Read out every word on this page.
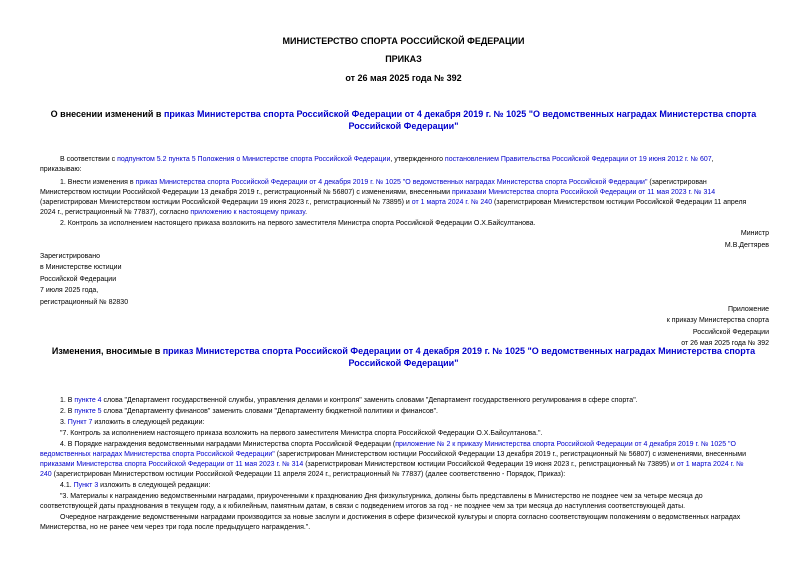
МИНИСТЕРСТВО СПОРТА РОССИЙСКОЙ ФЕДЕРАЦИИ
ПРИКАЗ
от 26 мая 2025 года № 392
О внесении изменений в приказ Министерства спорта Российской Федерации от 4 декабря 2019 г. № 1025 "О ведомственных наградах Министерства спорта
Российской Федерации"
В соответствии с подпунктом 5.2 пункта 5 Положения о Министерстве спорта Российской Федерации, утвержденного постановлением Правительства Российской Федерации от 19 июня 2012 г. № 607,
приказываю:
1. Внести изменения в приказ Министерства спорта Российской Федерации от 4 декабря 2019 г. № 1025 "О ведомственных наградах Министерства спорта Российской Федерации" (зарегистрирован
Министерством юстиции Российской Федерации 13 декабря 2019 г., регистрационный № 56807) с изменениями, внесенными приказами Министерства спорта Российской Федерации от 11 мая 2023 г. № 314
(зарегистрирован Министерством юстиции Российской Федерации 19 июня 2023 г., регистрационный № 73895) и от 1 марта 2024 г. № 240 (зарегистрирован Министерством юстиции Российской Федерации 11 апреля
2024 г., регистрационный № 77837), согласно приложению к настоящему приказу.
2. Контроль за исполнением настоящего приказа возложить на первого заместителя Министра спорта Российской Федерации О.Х.Байсултанова.
Министр
М.В.Дегтярев
Зарегистрировано
в Министерстве юстиции
Российской Федерации
7 июля 2025 года,
регистрационный № 82830
Приложение
к приказу Министерства спорта
Российской Федерации
от 26 мая 2025 года № 392
Изменения, вносимые в приказ Министерства спорта Российской Федерации от 4 декабря 2019 г. № 1025 "О ведомственных наградах Министерства спорта
Российской Федерации"
1. В пункте 4 слова "Департамент государственной службы, управления делами и контроля" заменить словами "Департамент государственного регулирования в сфере спорта".
2. В пункте 5 слова "Департаменту финансов" заменить словами "Департаменту бюджетной политики и финансов".
3. Пункт 7 изложить в следующей редакции:
"7. Контроль за исполнением настоящего приказа возложить на первого заместителя Министра спорта Российской Федерации О.Х.Байсултанова.".
4. В Порядке награждения ведомственными наградами Министерства спорта Российской Федерации (приложение № 2 к приказу Министерства спорта Российской Федерации от 4 декабря 2019 г. № 1025 "О
ведомственных наградах Министерства спорта Российской Федерации" (зарегистрирован Министерством юстиции Российской Федерации 13 декабря 2019 г., регистрационный № 56807) с изменениями, внесенными
приказами Министерства спорта Российской Федерации от 11 мая 2023 г. № 314 (зарегистрирован Министерством юстиции Российской Федерации 19 июня 2023 г., регистрационный № 73895) и от 1 марта 2024 г. №
240 (зарегистрирован Министерством юстиции Российской Федерации 11 апреля 2024 г., регистрационный № 77837) (далее соответственно - Порядок, Приказ):
4.1. Пункт 3 изложить в следующей редакции:
"3. Материалы к награждению ведомственными наградами, приуроченными к празднованию Дня физкультурника, должны быть представлены в Министерство не позднее чем за четыре месяца до
соответствующей даты празднования в текущем году, а к юбилейным, памятным датам, в связи с подведением итогов за год - не позднее чем за три месяца до наступления соответствующей даты.
Очередное награждение ведомственными наградами производится за новые заслуги и достижения в сфере физической культуры и спорта согласно соответствующим положениям о ведомственных наградах
Министерства, но не ранее чем через три года после предыдущего награждения.".
